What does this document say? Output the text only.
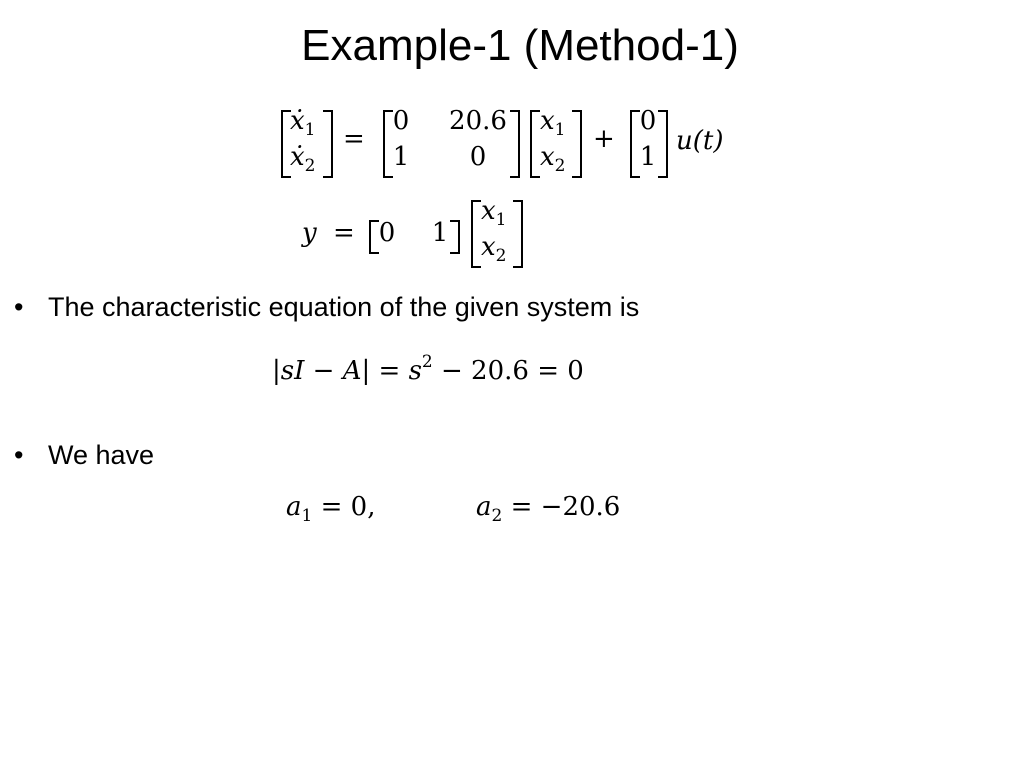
Example-1 (Method-1)
ẋ$_1$
ẋ$_2$
=
0 20.6
1	0
$x_1$
$x_2$
+
0
1
u(t)
y = 0 1
$x_1$
$x_2$
• The characteristic equation of the given system is
$|sI - A| = s^2 - 20.6 = 0$
• We have
$a_1 = 0$,	$a_2 = -20.6$
